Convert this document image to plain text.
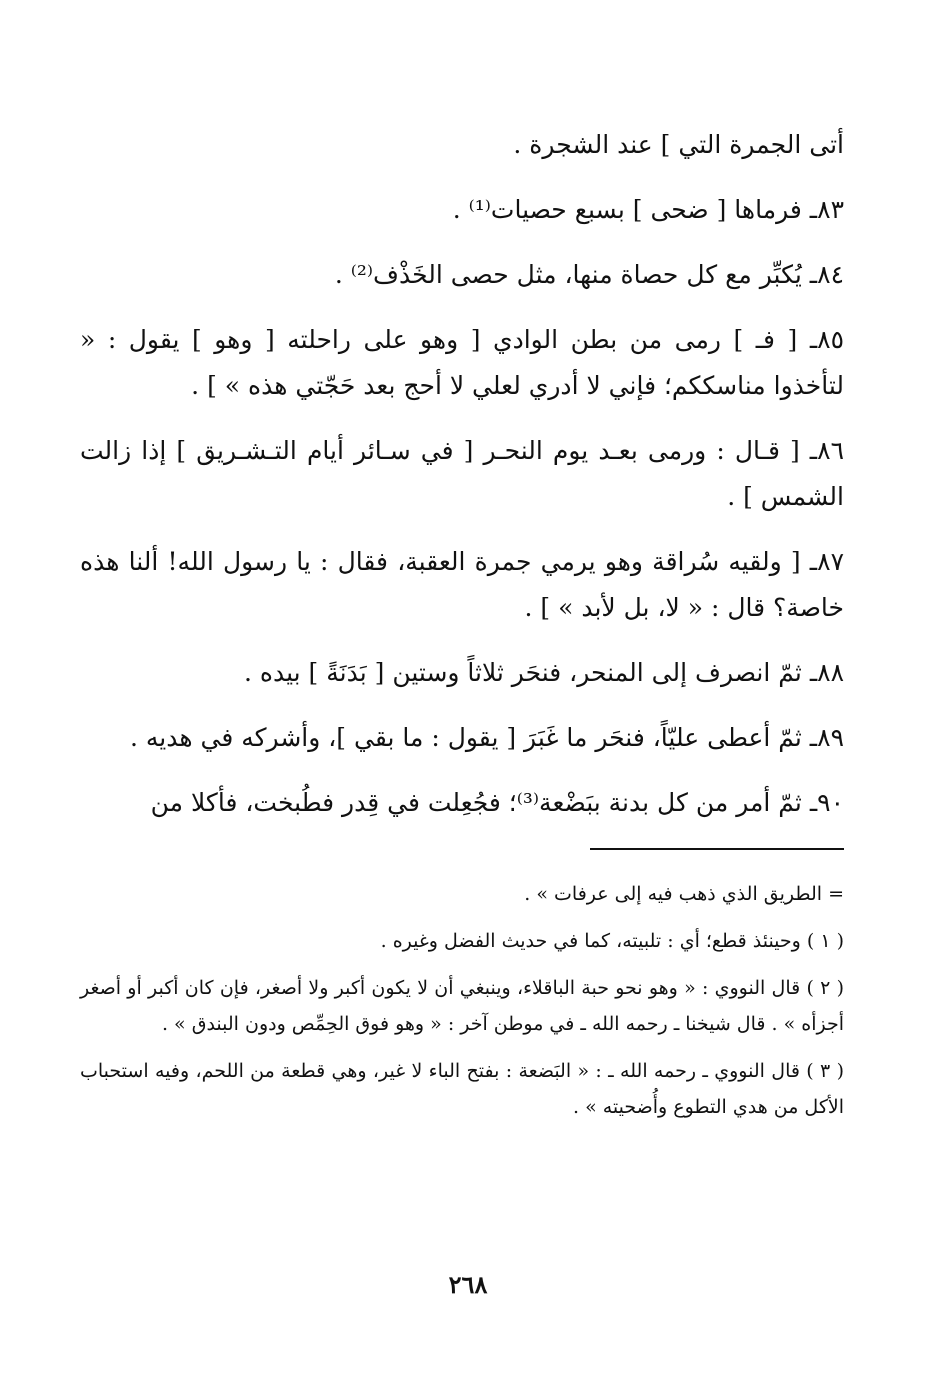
أتى الجمرة التي ] عند الشجرة .

٨٣ـ فرماها [ ضحى ] بسبع حصيات⁽¹⁾ .

٨٤ـ يُكبِّر مع كل حصاة منها، مثل حصى الخَذْف⁽²⁾ .

٨٥ـ [ فـ ] رمى من بطن الوادي [ وهو على راحلته [ وهو ] يقول : « لتأخذوا مناسككم؛ فإني لا أدري لعلي لا أحج بعد حَجّتي هذه » ] .

٨٦ـ [ قـال : ورمى بعـد يوم النحـر [ في سـائر أيام التـشـريق ] إذا زالت الشمس ] .

٨٧ـ [ ولقيه سُراقة وهو يرمي جمرة العقبة، فقال : يا رسول الله! ألنا هذه خاصة؟ قال : « لا، بل لأبد » ] .

٨٨ـ ثمّ انصرف إلى المنحر، فنحَر ثلاثاً وستين [ بَدَنَةً ] بيده .

٨٩ـ ثمّ أعطى عليّاً، فنحَر ما غَبَرَ [ يقول : ما بقي ]، وأشركه في هديه .

٩٠ـ ثمّ أمر من كل بدنة ببَضْعة⁽³⁾؛ فجُعِلت في قِدر فطُبخت، فأكلا من

= الطريق الذي ذهب فيه إلى عرفات » .

( ١ ) وحينئذ قطع؛ أي : تلبيته، كما في حديث الفضل وغيره .

( ٢ ) قال النووي : « وهو نحو حبة الباقلاء، وينبغي أن لا يكون أكبر ولا أصغر، فإن كان أكبر أو أصغر أجزأه » . قال شيخنا ـ رحمه الله ـ في موطن آخر : « وهو فوق الحِمِّص ودون البندق » .

( ٣ ) قال النووي ـ رحمه الله ـ : « البَضعة : بفتح الباء لا غير، وهي قطعة من اللحم، وفيه استحباب الأكل من هدي التطوع وأُضحيته » .

٢٦٨
